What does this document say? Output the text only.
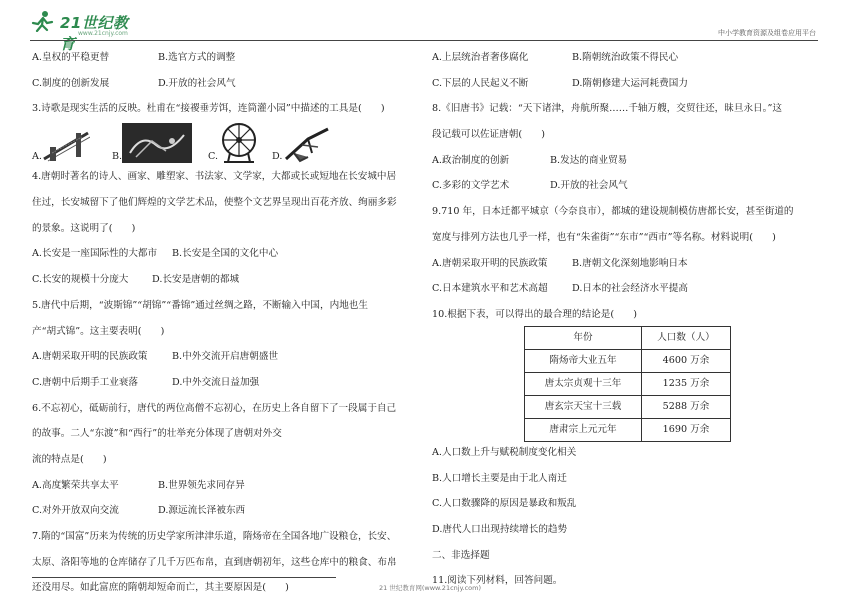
21世纪教育
www.21cnjy.com	中小学教育资源及组卷应用平台

A.皇权的平稳更替	B.选官方式的调整

C.制度的创新发展	D.开放的社会风气

3.诗歌是现实生活的反映。杜甫在“接禝垂芳饵，连筒灌小园”中描述的工具是(　　)

A.	B.	C.	D.

4.唐朝时著名的诗人、画家、雕塑家、书法家、文学家，大都或长或短地在长安城中居

住过，长安城留下了他们辉煌的文学艺术品，使整个文艺界呈现出百花齐放、绚丽多彩

的景象。这说明了(　　)

A.长安是一座国际性的大都市 B.长安是全国的文化中心

C.长安的规模十分庞大 D.长安是唐朝的都城

5.唐代中后期，“波斯锦”“胡锦”“番锦”通过丝绸之路，不断输入中国，内地也生

产“胡式锦”。这主要表明(　　)

A.唐朝采取开明的民族政策	B.中外交流开启唐朝盛世

C.唐朝中后期手工业衰落	D.中外交流日益加强

6.不忘初心，砥砺前行，唐代的两位高僧不忘初心，在历史上各自留下了一段属于自己

的故事。二人“东渡”和“西行”的壮举充分体现了唐朝对外交

流的特点是(　　)

A.高度繁荣共享太平	B.世界领先求同存异

C.对外开放双向交流	D.源远流长泽被东西

7.隋的“国富”历来为传统的历史学家所津津乐道，隋炀帝在全国各地广设粮仓，长安、

太原、洛阳等地的仓库储存了几千万匹布帛，直到唐朝初年，这些仓库中的粮食、布帛

还没用尽。如此富庶的隋朝却短命而亡，其主要原因是(　　)

A.上层统治者奢侈腐化	B.隋朝统治政策不得民心

C.下层的人民起义不断	D.隋朝修建大运河耗费国力

8.《旧唐书》记载：“天下诸津，舟航所聚……千轴万艘，交贸往还，昧旦永日。”这

段记载可以佐证唐朝(　　)

A.政治制度的创新	B.发达的商业贸易

C.多彩的文学艺术	D.开放的社会风气

9.710 年，日本迁都平城京（今奈良市），都城的建设规制模仿唐都长安，甚至街道的

宽度与排列方法也几乎一样，也有“朱雀街”“东市”“西市”等名称。材料说明(　　)

A.唐朝采取开明的民族政策	B.唐朝文化深刻地影响日本

C.日本建筑水平和艺术高超	D.日本的社会经济水平提高

10.根据下表，可以得出的最合理的结论是(　　)

年份	人口数（人）
隋炀帝大业五年	4600 万余
唐太宗贞观十三年	1235 万余
唐玄宗天宝十三载	5288 万余
唐肃宗上元元年	1690 万余

A.人口数上升与赋税制度变化相关

B.人口增长主要是由于北人南迁

C.人口数骤降的原因是暴政和叛乱

D.唐代人口出现持续增长的趋势

二、非选择题

11.阅读下列材料，回答问题。

21 世纪教育网(www.21cnjy.com)
